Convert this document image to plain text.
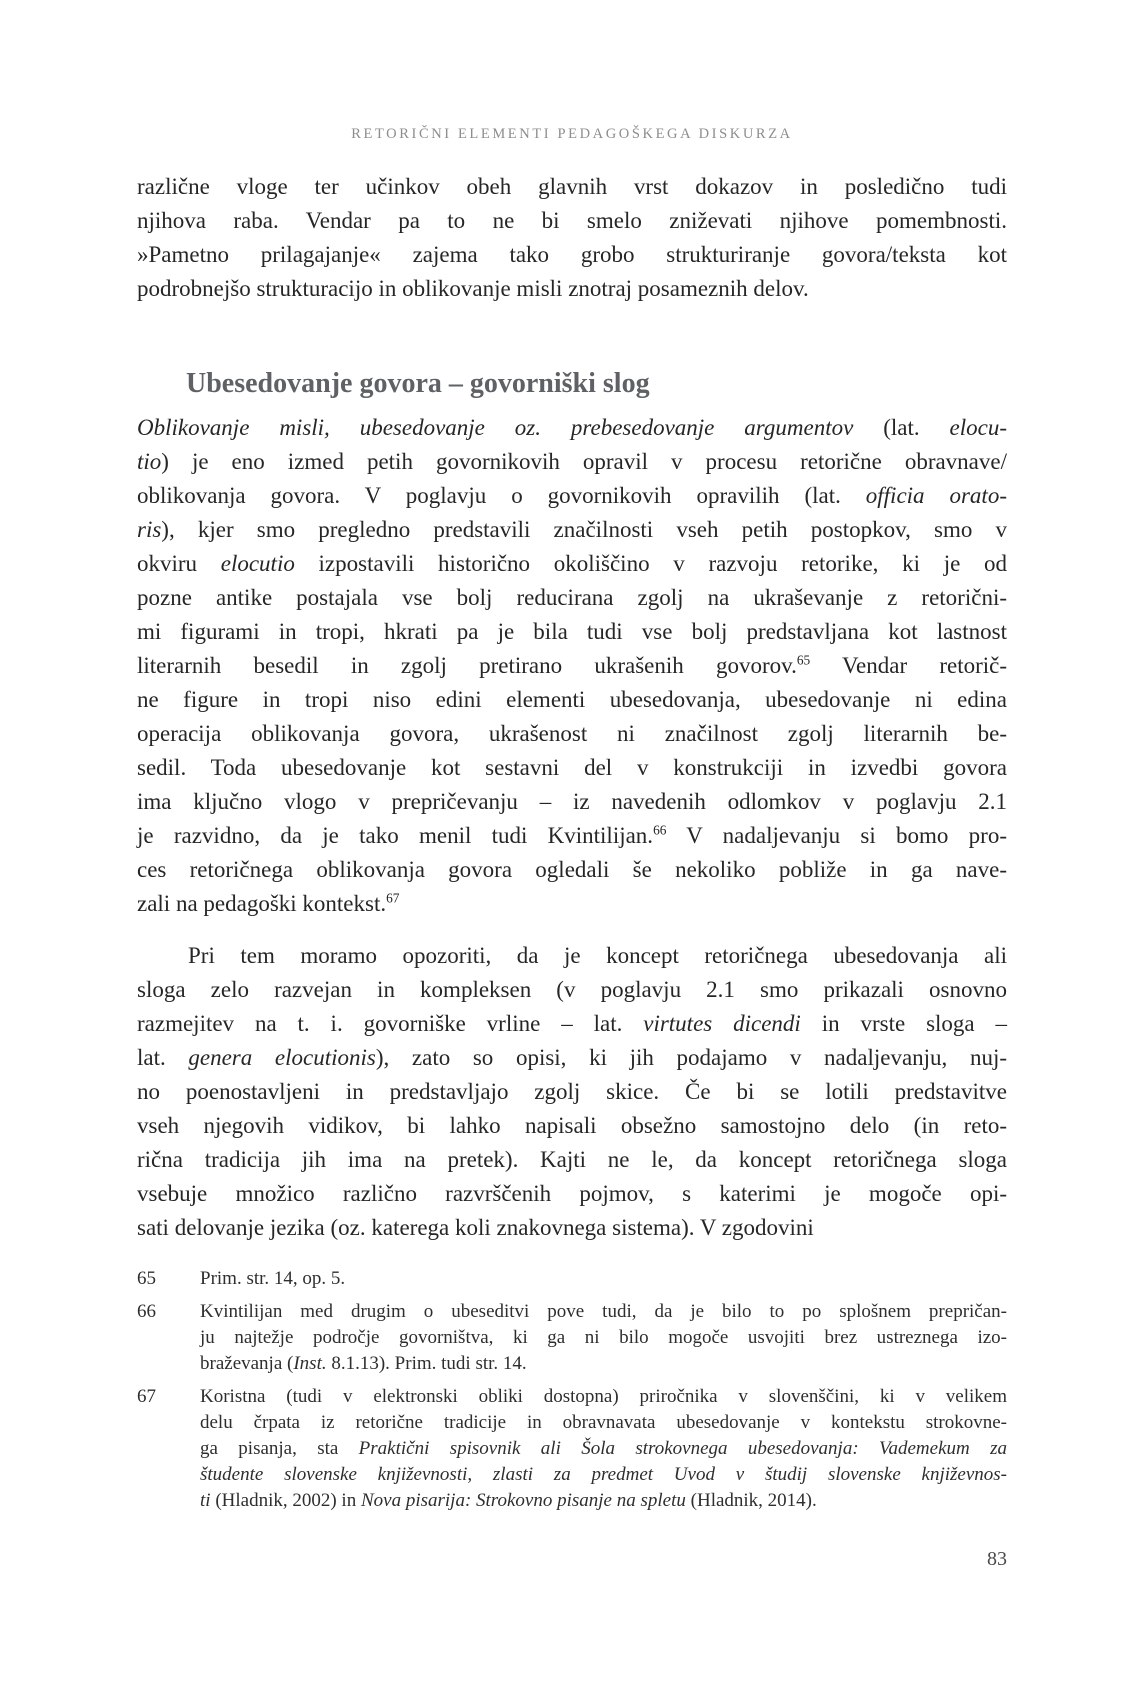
RETORIČNI ELEMENTI PEDAGOŠKEGA DISKURZA
različne vloge ter učinkov obeh glavnih vrst dokazov in posledično tudi
njihova raba. Vendar pa to ne bi smelo zniževati njihove pomembnosti.
»Pametno prilagajanje« zajema tako grobo strukturiranje govora/teksta kot
podrobnejšo strukturacijo in oblikovanje misli znotraj posameznih delov.
Ubesedovanje govora – govorniški slog
Oblikovanje misli, ubesedovanje oz. prebesedovanje argumentov (lat. elocu-
tio) je eno izmed petih govornikovih opravil v procesu retorične obravnave/
oblikovanja govora. V poglavju o govornikovih opravilih (lat. officia orato-
ris), kjer smo pregledno predstavili značilnosti vseh petih postopkov, smo v
okviru elocutio izpostavili historično okoliščino v razvoju retorike, ki je od
pozne antike postajala vse bolj reducirana zgolj na ukraševanje z retorični-
mi figurami in tropi, hkrati pa je bila tudi vse bolj predstavljana kot lastnost
literarnih besedil in zgolj pretirano ukrašenih govorov.$^{65}$ Vendar retorič-
ne figure in tropi niso edini elementi ubesedovanja, ubesedovanje ni edina
operacija oblikovanja govora, ukrašenost ni značilnost zgolj literarnih be-
sedil. Toda ubesedovanje kot sestavni del v konstrukciji in izvedbi govora
ima ključno vlogo v prepričevanju – iz navedenih odlomkov v poglavju 2.1
je razvidno, da je tako menil tudi Kvintilijan.$^{66}$ V nadaljevanju si bomo pro-
ces retoričnega oblikovanja govora ogledali še nekoliko pobliže in ga nave-
zali na pedagoški kontekst.$^{67}$
Pri tem moramo opozoriti, da je koncept retoričnega ubesedovanja ali
sloga zelo razvejan in kompleksen (v poglavju 2.1 smo prikazali osnovno
razmejitev na t. i. govorniške vrline – lat. virtutes dicendi in vrste sloga –
lat. genera elocutionis), zato so opisi, ki jih podajamo v nadaljevanju, nuj-
no poenostavljeni in predstavljajo zgolj skice. Če bi se lotili predstavitve
vseh njegovih vidikov, bi lahko napisali obsežno samostojno delo (in reto-
rična tradicija jih ima na pretek). Kajti ne le, da koncept retoričnega sloga
vsebuje množico različno razvrščenih pojmov, s katerimi je mogoče opi-
sati delovanje jezika (oz. katerega koli znakovnega sistema). V zgodovini
65	Prim. str. 14, op. 5.
66	Kvintilijan med drugim o ubeseditvi pove tudi, da je bilo to po splošnem prepričan-
ju najtežje področje govorništva, ki ga ni bilo mogoče usvojiti brez ustreznega izo-
braževanja (Inst. 8.1.13). Prim. tudi str. 14.
67	Koristna (tudi v elektronski obliki dostopna) priročnika v slovenščini, ki v velikem
delu črpata iz retorične tradicije in obravnavata ubesedovanje v kontekstu strokovne-
ga pisanja, sta Praktični spisovnik ali Šola strokovnega ubesedovanja: Vademekum za
študente slovenske književnosti, zlasti za predmet Uvod v študij slovenske književnos-
ti (Hladnik, 2002) in Nova pisarija: Strokovno pisanje na spletu (Hladnik, 2014).
83
